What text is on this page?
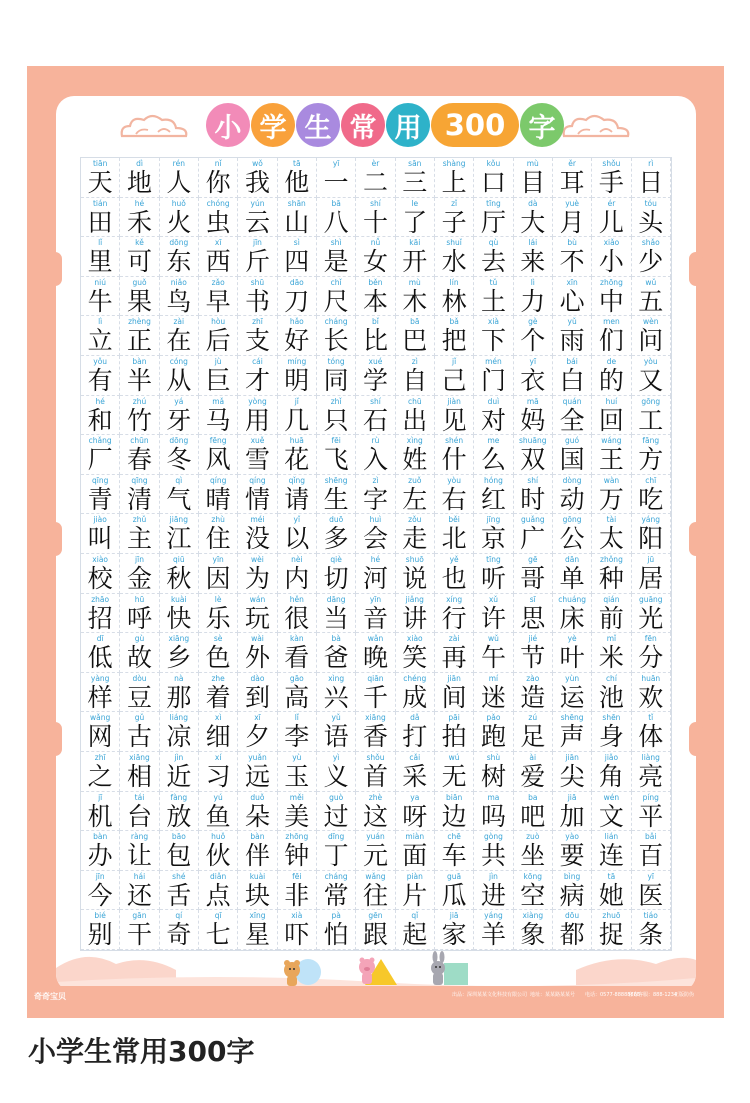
小 学 生 常 用 300 字
tiān
天
dì
地
rén
人
nǐ
你
wǒ
我
tā
他
yī
一
èr
二
sān
三
shàng
上
kǒu
口
mù
目
ěr
耳
shǒu
手
rì
日
tián
田
hé
禾
huǒ
火
chóng
虫
yún
云
shān
山
bā
八
shí
十
le
了
zǐ
子
tīng
厅
dà
大
yuè
月
ér
儿
tóu
头
lǐ
里
kě
可
dōng
东
xī
西
jīn
斤
sì
四
shì
是
nǚ
女
kāi
开
shuǐ
水
qù
去
lái
来
bù
不
xiǎo
小
shǎo
少
niú
牛
guǒ
果
niǎo
鸟
zǎo
早
shū
书
dāo
刀
chǐ
尺
běn
本
mù
木
lín
林
tǔ
土
lì
力
xīn
心
zhōng
中
wǔ
五
lì
立
zhèng
正
zài
在
hòu
后
zhī
支
hǎo
好
cháng
长
bǐ
比
bā
巴
bǎ
把
xià
下
gè
个
yǔ
雨
men
们
wèn
问
yǒu
有
bàn
半
cóng
从
jù
巨
cái
才
míng
明
tóng
同
xué
学
zì
自
jǐ
己
mén
门
yī
衣
bái
白
de
的
yòu
又
hé
和
zhú
竹
yá
牙
mǎ
马
yòng
用
jǐ
几
zhǐ
只
shí
石
chū
出
jiàn
见
duì
对
mā
妈
quán
全
huí
回
gōng
工
chǎng
厂
chūn
春
dōng
冬
fēng
风
xuě
雪
huā
花
fēi
飞
rù
入
xìng
姓
shén
什
me
么
shuāng
双
guó
国
wáng
王
fāng
方
qīng
青
qīng
清
qì
气
qíng
晴
qíng
情
qǐng
请
shēng
生
zì
字
zuǒ
左
yòu
右
hóng
红
shí
时
dòng
动
wàn
万
chī
吃
jiào
叫
zhǔ
主
jiāng
江
zhù
住
méi
没
yǐ
以
duō
多
huì
会
zǒu
走
běi
北
jīng
京
guǎng
广
gōng
公
tài
太
yáng
阳
xiào
校
jīn
金
qiū
秋
yīn
因
wèi
为
nèi
内
qiè
切
hé
河
shuō
说
yě
也
tīng
听
gē
哥
dān
单
zhǒng
种
jū
居
zhāo
招
hū
呼
kuài
快
lè
乐
wán
玩
hěn
很
dāng
当
yīn
音
jiǎng
讲
xíng
行
xǔ
许
sī
思
chuáng
床
qián
前
guāng
光
dī
低
gù
故
xiāng
乡
sè
色
wài
外
kàn
看
bà
爸
wǎn
晚
xiào
笑
zài
再
wǔ
午
jié
节
yè
叶
mǐ
米
fēn
分
yàng
样
dòu
豆
nà
那
zhe
着
dào
到
gāo
高
xìng
兴
qiān
千
chéng
成
jiān
间
mí
迷
zào
造
yùn
运
chí
池
huān
欢
wǎng
网
gǔ
古
liáng
凉
xì
细
xī
夕
lǐ
李
yǔ
语
xiāng
香
dǎ
打
pāi
拍
pǎo
跑
zú
足
shēng
声
shēn
身
tǐ
体
zhī
之
xiāng
相
jìn
近
xí
习
yuǎn
远
yù
玉
yì
义
shǒu
首
cǎi
采
wú
无
shù
树
ài
爱
jiān
尖
jiǎo
角
liàng
亮
jī
机
tái
台
fàng
放
yú
鱼
duǒ
朵
měi
美
guò
过
zhè
这
ya
呀
biān
边
ma
吗
ba
吧
jiā
加
wén
文
píng
平
bàn
办
ràng
让
bāo
包
huǒ
伙
bàn
伴
zhōng
钟
dīng
丁
yuán
元
miàn
面
chē
车
gòng
共
zuò
坐
yào
要
lián
连
bǎi
百
jīn
今
hái
还
shé
舌
diǎn
点
kuài
块
fēi
非
cháng
常
wǎng
往
piàn
片
guā
瓜
jìn
进
kōng
空
bìng
病
tā
她
yī
医
bié
别
gān
干
qí
奇
qī
七
xīng
星
xià
吓
pà
怕
gēn
跟
qǐ
起
jiā
家
yáng
羊
xiàng
象
dōu
都
zhuō
捉
tiáo
条
奇奇宝贝	出品：深圳某某文化科技有限公司 地址：某某路某某号 电话：0577-88888888
官方客服：888-1234
正版防伪
小学生常用300字
